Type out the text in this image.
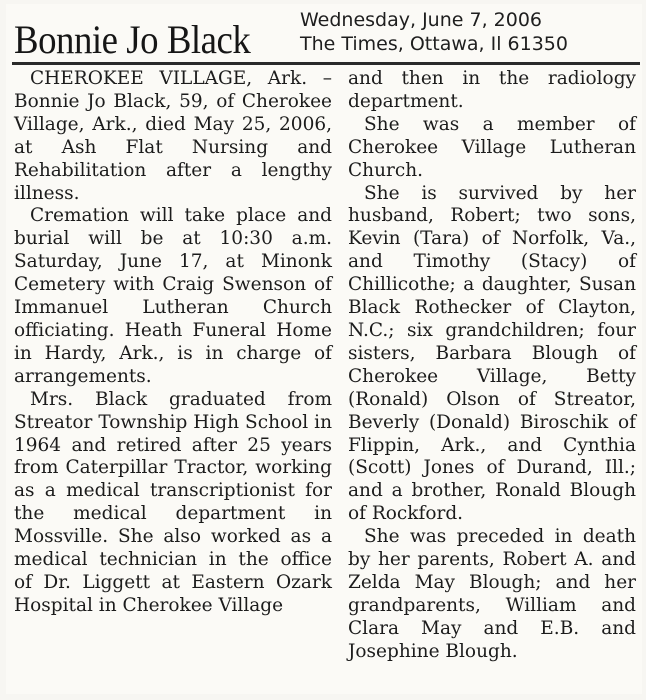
Bonnie Jo Black	Wednesday, June 7, 2006
The Times, Ottawa, Il 61350

CHEROKEE VILLAGE, Ark. – Bonnie Jo Black, 59, of Cherokee Village, Ark., died May 25, 2006, at Ash Flat Nursing and Rehabilitation after a lengthy illness.

Cremation will take place and burial will be at 10:30 a.m. Saturday, June 17, at Minonk Cemetery with Craig Swenson of Immanuel Lutheran Church officiating. Heath Funeral Home in Hardy, Ark., is in charge of arrangements.

Mrs. Black graduated from Streator Township High School in 1964 and retired after 25 years from Caterpillar Tractor, working as a medical transcriptionist for the medical department in Mossville. She also worked as a medical technician in the office of Dr. Liggett at Eastern Ozark Hospital in Cherokee Village

and then in the radiology department.

She was a member of Cherokee Village Lutheran Church.

She is survived by her husband, Robert; two sons, Kevin (Tara) of Norfolk, Va., and Timothy (Stacy) of Chillicothe; a daughter, Susan Black Rothecker of Clayton, N.C.; six grandchildren; four sisters, Barbara Blough of Cherokee Village, Betty (Ronald) Olson of Streator, Beverly (Donald) Biroschik of Flippin, Ark., and Cynthia (Scott) Jones of Durand, Ill.; and a brother, Ronald Blough of Rockford.

She was preceded in death by her parents, Robert A. and Zelda May Blough; and her grandparents, William and Clara May and E.B. and Josephine Blough.
